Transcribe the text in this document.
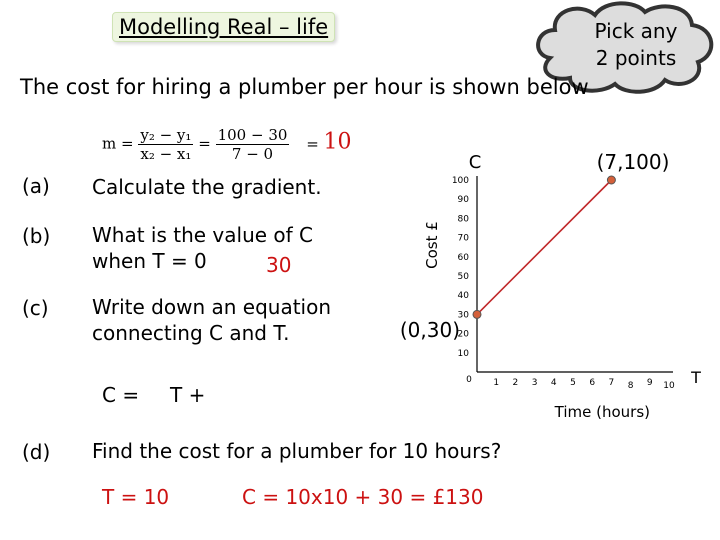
Modelling Real – life	Pick any
2 points
The cost for hiring a plumber per hour is shown below
$m = \frac{\text{y₂ − y₁}}{\text{x₂ − x₁}} = \frac{100 - 30}{7 - 0} = 10$
(a) Calculate the gradient.
(b) What is the value of C
when T = 0	30
(c) Write down an equation
connecting C and T.
C = T +
(d) Find the cost for a plumber for 10 hours?
T = 10	C = 10x10 + 30 = £130
10
20
30
40
50
60
70
80
90
100
0 1 2 3 4 5 6 7 8 9 10
C
T
Time (hours)
Cost £
(0,30)
(7,100)
